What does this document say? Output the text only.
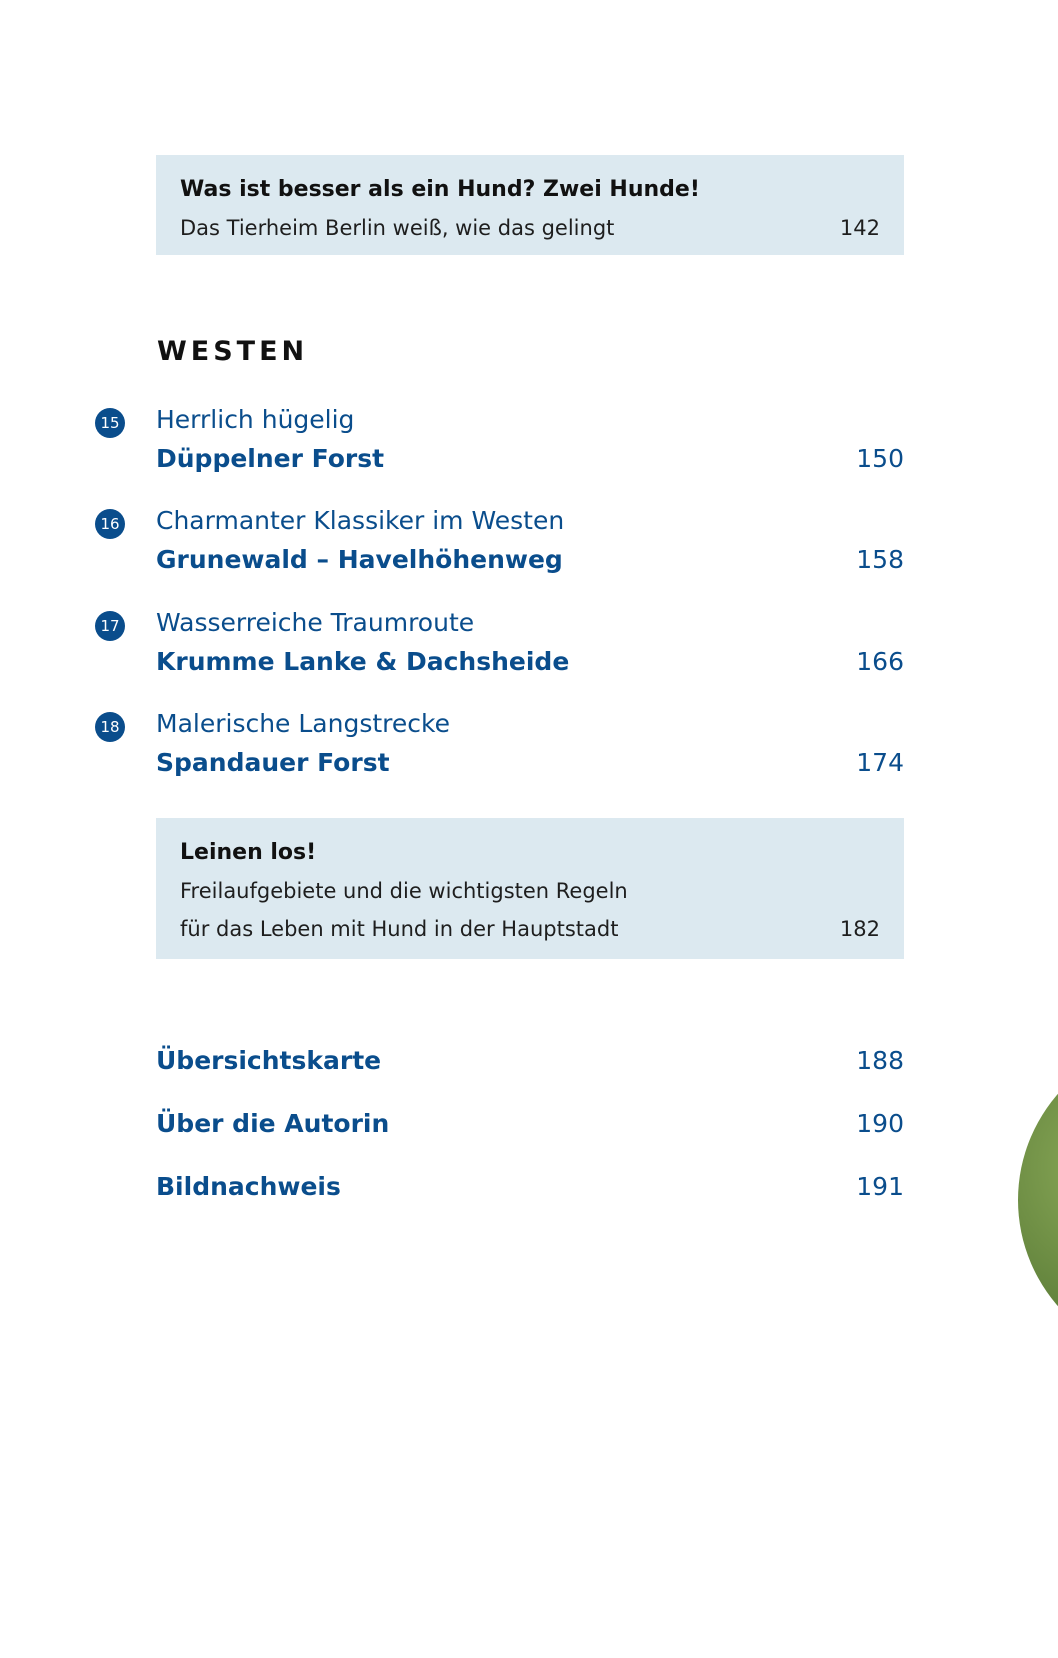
Was ist besser als ein Hund? Zwei Hunde!
Das Tierheim Berlin weiß, wie das gelingt	142
WESTEN
15 Herrlich hügelig
Düppelner Forst	150
16 Charmanter Klassiker im Westen
Grunewald – Havelhöhenweg	158
17 Wasserreiche Traumroute
Krumme Lanke & Dachsheide	166
18 Malerische Langstrecke
Spandauer Forst	174
Leinen los!
Freilaufgebiete und die wichtigsten Regeln
für das Leben mit Hund in der Hauptstadt	182
Übersichtskarte	188
Über die Autorin	190
Bildnachweis	191
